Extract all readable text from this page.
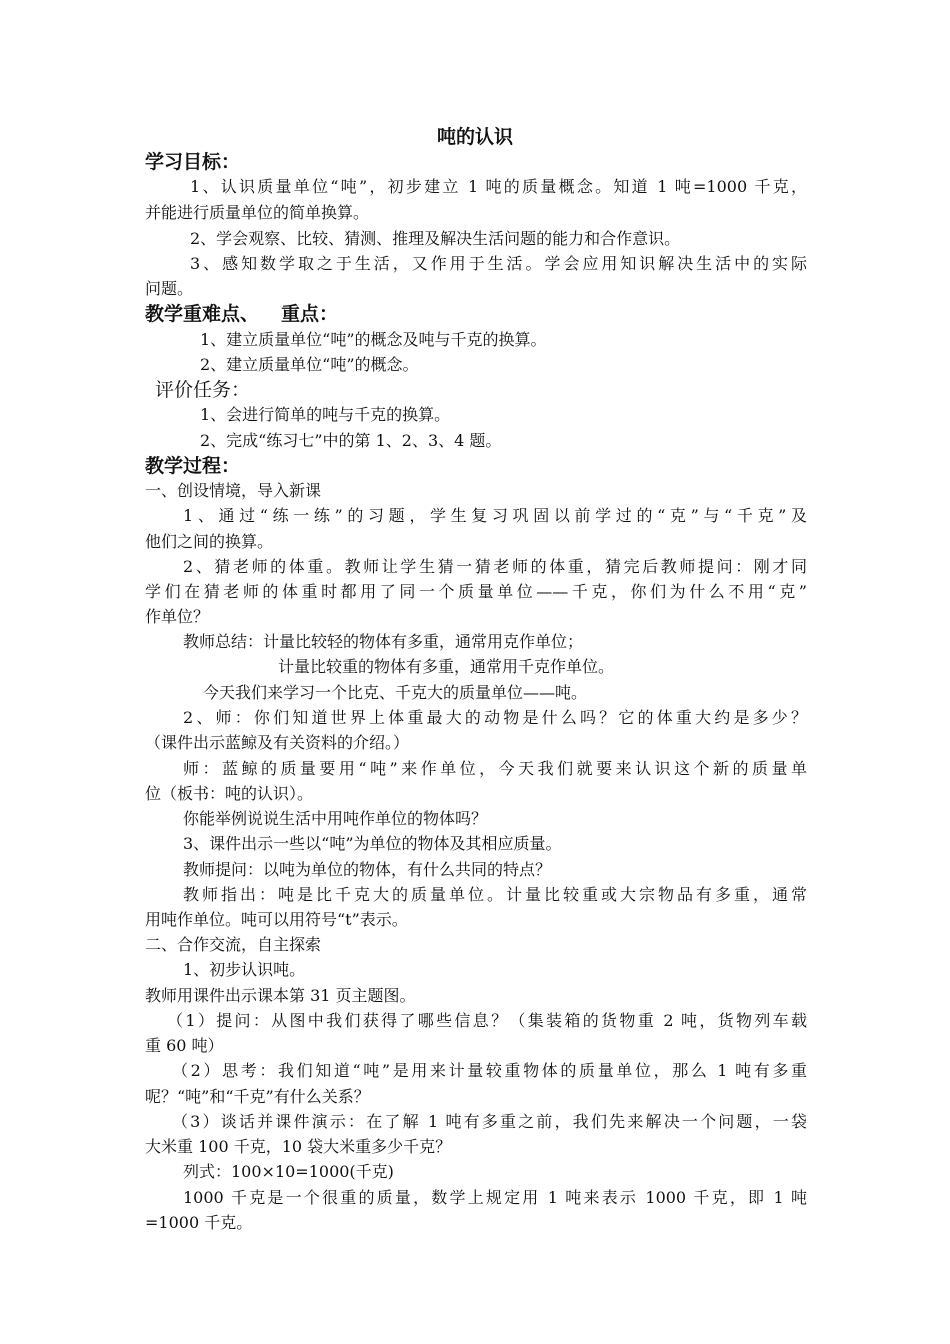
吨的认识
学习目标：
1、认识质量单位“吨”，初步建立 1 吨的质量概念。知道 1 吨=1000 千克，
并能进行质量单位的简单换算。
2、学会观察、比较、猜测、推理及解决生活问题的能力和合作意识。
3、感知数学取之于生活，又作用于生活。学会应用知识解决生活中的实际
问题。
教学重难点、 重点：
1、建立质量单位“吨”的概念及吨与千克的换算。
2、建立质量单位“吨”的概念。
评价任务：
1、会进行简单的吨与千克的换算。
2、完成“练习七”中的第 1、2、3、4 题。
教学过程：
一、创设情境，导入新课
1、通过“练一练”的习题，学生复习巩固以前学过的“克”与“千克”及
他们之间的换算。
2、猜老师的体重。教师让学生猜一猜老师的体重，猜完后教师提问：刚才同
学们在猜老师的体重时都用了同一个质量单位——千克，你们为什么不用“克”
作单位？
教师总结：计量比较轻的物体有多重，通常用克作单位；
计量比较重的物体有多重，通常用千克作单位。
今天我们来学习一个比克、千克大的质量单位——吨。
2、师：你们知道世界上体重最大的动物是什么吗？它的体重大约是多少？
（课件出示蓝鲸及有关资料的介绍。）
师：蓝鲸的质量要用“吨”来作单位，今天我们就要来认识这个新的质量单
位（板书：吨的认识）。
你能举例说说生活中用吨作单位的物体吗？
3、课件出示一些以“吨”为单位的物体及其相应质量。
教师提问：以吨为单位的物体，有什么共同的特点？
教师指出：吨是比千克大的质量单位。计量比较重或大宗物品有多重，通常
用吨作单位。吨可以用符号“t”表示。
二、合作交流，自主探索
1、初步认识吨。
教师用课件出示课本第 31 页主题图。
（1）提问：从图中我们获得了哪些信息？（集装箱的货物重 2 吨，货物列车载
重 60 吨）
（2）思考：我们知道“吨”是用来计量较重物体的质量单位，那么 1 吨有多重
呢？“吨”和“千克”有什么关系？
（3）谈话并课件演示：在了解 1 吨有多重之前，我们先来解决一个问题，一袋
大米重 100 千克，10 袋大米重多少千克？
列式：100×10=1000(千克)
1000 千克是一个很重的质量，数学上规定用 1 吨来表示 1000 千克，即 1 吨
=1000 千克。
